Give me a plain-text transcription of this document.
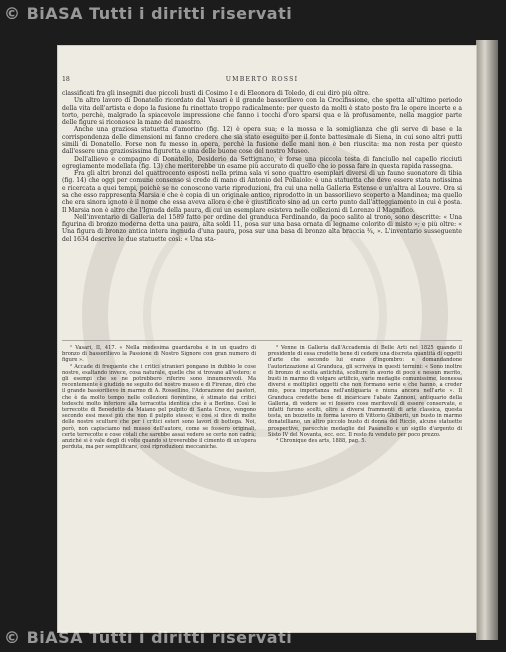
© BiASA Tutti i diritti riservati
© BiASA Tutti i diritti riservati
UMBERTO ROSSI
18

classificati fra gli insegniti due piccoli busti di Cosimo I e di Eleonora di Toledo, di cui dirò più oltre.

Un altro lavoro di Donatello ricordato dal Vasari è il grande bassorilievo con la Crocifissione, che spetta all'ultimo periodo della vita dell'artista e dopo la fusione fu rinettato troppo radicalmente: per questo da molti è stato posto fra le opere incerte e a torto, perchè, malgrado la spiacevole impressione che fanno i tocchi d'oro sparsi qua e là profusamente, nella maggior parte delle figure si riconosce la mano del maestro.

Anche una graziosa statuetta d'amorino (fig. 12) è opera sua; e la mossa e la somiglianza che gli serve di base e la corrispondenza delle dimensioni mi fanno credere che sia stato eseguito per il fonte battesimale di Siena, in cui sono altri putti simili di Donatello. Forse non fu messo in opera, perchè la fusione delle mani non è ben riuscita: ma non resta per questo dall'essere una graziosissima figuretta e una delle buone cose del nostro Museo.

Dell'allievo e compagno di Donatello, Desiderio da Settignano, è forse una piccola testa di fanciullo nel capello ricciuti egregiamente modellata (fig. 13) che meriterebbe un esame più accurato di quello che io possa fare in questa rapida rassegna.

Fra gli altri bronzi del quattrocento esposti nella prima sala vi sono quattro esemplari diversi di un fauno suonatore di tibia (fig. 14) che oggi per comune consenso si crede di mano di Antonio del Pollaiolo: è una statuetta che deve essere stata notissima e ricercata a quei tempi, poichè se ne conoscono varie riproduzioni, fra cui una nella Galleria Estense e un'altra al Louvre. Ora si sa che esso rappresenta Marsia e che è copia di un originale antico, riprodotto in un bassorilievo scoperto a Mandinea; ma quello che era sinora ignoto è il nome che essa aveva allora e che è giustificato sino ad un certo punto dall'atteggiamento in cui è posta. Il Marsia non è altro che l'Ignuda della paura, di cui un esemplare esisteva nelle collezioni di Lorenzo il Magnifico.

Nell'inventario di Galleria del 1589 fatto per ordine del granduca Ferdinando, da poco salito al trono, sono descritte: « Una figurina di bronzo moderna detta una paura, alta soldi 11, posa sur una basa ornata di legname colorito di misto »; e più oltre: « Una figura di bronzo antica intera ingnuda d'una paura, posa sur una basa di bronzo alta braccia ¾, ». L'inventario susseguente del 1634 descrive le due statuette così: « Una sta-

¹ Vasari, II, 417. « Nella medesima guardaroba è in un quadro di bronzo di bassorilievo la Passione di Nostro Signore con gran numero di figure ».

² Accade di frequente che i critici stranieri pongano in dubbio le cose nostre, esaltando invece, cosa naturale, quelle che si trovano all'estero; e gli esempi che se ne potrebbero riferire sono innumerevoli. Ma recentemente è giudizio ne seguito del nostro museo e di Firenze, dirò che il grande bassorilievo in marmo di A. Rossellino, l'Adorazione dei pastori, che è da molto tempo nelle collezioni fiorentine, è stimato dai critici tedeschi molto inferiore alla terracotta identica che è a Berlino. Così le terrecotte di Benedetto da Maiano pel pulpito di Santa Croce, vengono secondo essi messi più che non il pulpito stesso; e così si dice di molte delle nostre sculture che per i critici esteri sono lavori di bottega. Noi, però, non capisciamo nel museo dell'autore, come se fossero originali, certe terrecotte e cose cotali che sarebbe assai vedere se certo non cadrà; anzichè si è vale degli di volte quando si troverebbe il cimento di un'opera perduta, ma per semplificare, così riproduzioni meccaniche.

³ Venne in Galleria dall'Accademia di Belle Arti nel 1825 quando il presidente di essa credette bene di cedere una discreta quantità di oggetti d'arte che secondo lui erano d'ingombro: e domandandone l'autorizzazione al Granduca, gli scriveva in questi termini: « Sono inoltre di bronzo di scelta antichità, scolture in avorio di poco e nessun merito, busti in marmo di volgare artificio, varie medaglie comunissime, leonessa diversi e moltiplici oggetti che non formano serie e che hanno, a creder mio, poca importanza nell'antiquaria e niuna ancora nell'arte ». Il Granduca credette bene di incaricare l'abate Zannoni, antiquario della Galleria, di vedere se vi fossero cose meritevoli di essere conservate, e infatti furono scelti, oltre a diversi frammenti di arte classica, questa testa, un bozzetto in forma lavoro di Vittorio Ghiberti, un busto in marmo donatelliano, un altro piccolo busto di donna del Riccio, alcune statuette prospective, parecchie medaglie del Pasanello e un sigillo d'argento di Sisto IV del Novanta, ecc. ecc. Il resto fu venduto per poco prezzo.

⁴ Chronique des arts, 1888, pag. 5.
